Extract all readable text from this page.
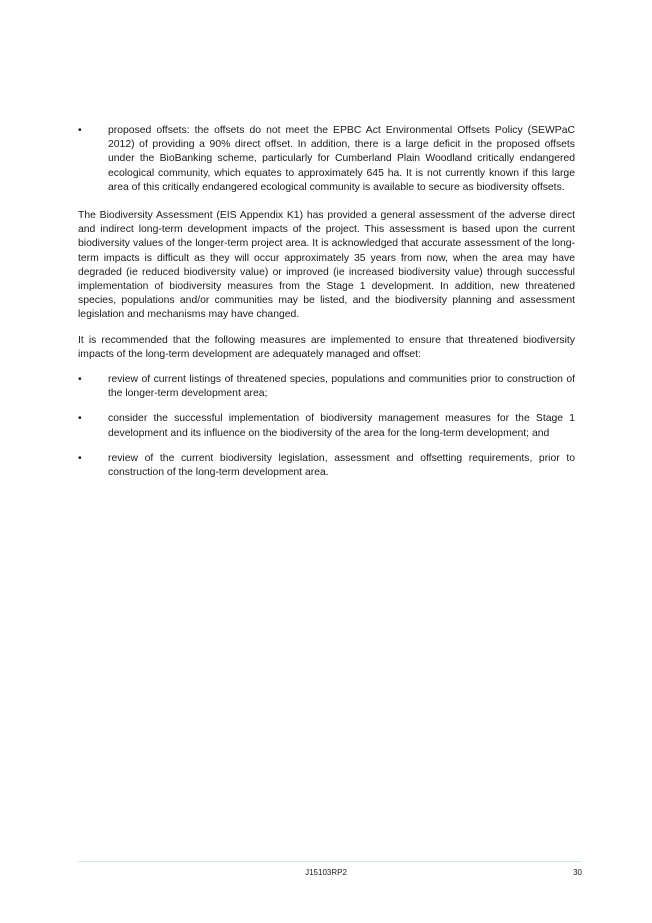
•	proposed offsets: the offsets do not meet the EPBC Act Environmental Offsets Policy (SEWPaC 2012) of providing a 90% direct offset. In addition, there is a large deficit in the proposed offsets under the BioBanking scheme, particularly for Cumberland Plain Woodland critically endangered ecological community, which equates to approximately 645 ha. It is not currently known if this large area of this critically endangered ecological community is available to secure as biodiversity offsets.

The Biodiversity Assessment (EIS Appendix K1) has provided a general assessment of the adverse direct and indirect long-term development impacts of the project. This assessment is based upon the current biodiversity values of the longer-term project area. It is acknowledged that accurate assessment of the long-term impacts is difficult as they will occur approximately 35 years from now, when the area may have degraded (ie reduced biodiversity value) or improved (ie increased biodiversity value) through successful implementation of biodiversity measures from the Stage 1 development. In addition, new threatened species, populations and/or communities may be listed, and the biodiversity planning and assessment legislation and mechanisms may have changed.

It is recommended that the following measures are implemented to ensure that threatened biodiversity impacts of the long-term development are adequately managed and offset:

•	review of current listings of threatened species, populations and communities prior to construction of the longer-term development area;
•	consider the successful implementation of biodiversity management measures for the Stage 1 development and its influence on the biodiversity of the area for the long-term development; and
•	review of the current biodiversity legislation, assessment and offsetting requirements, prior to construction of the long-term development area.
J15103RP2	30
